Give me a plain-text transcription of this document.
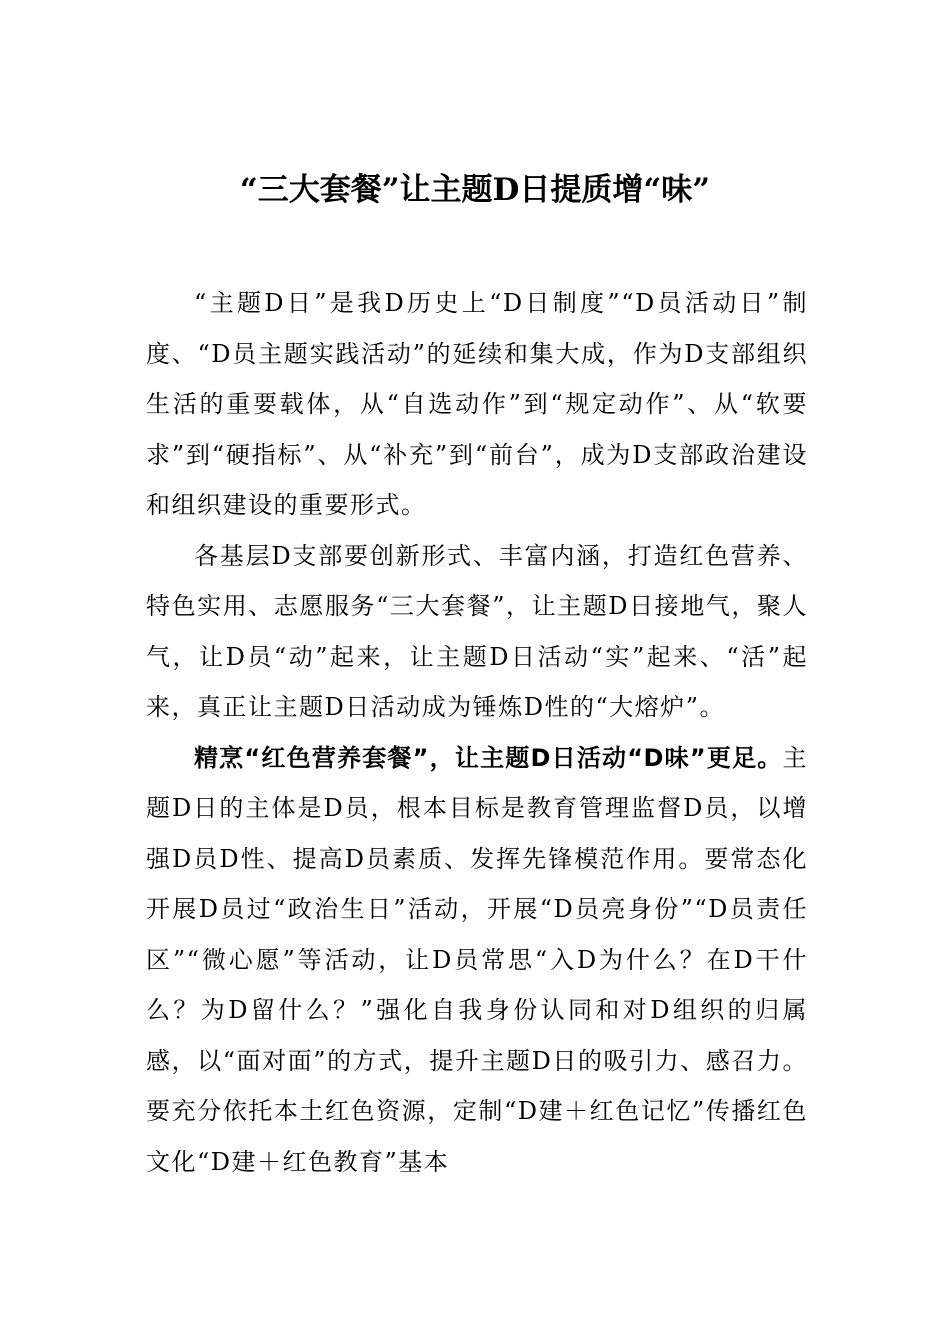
“三大套餐”让主题D日提质增“味”

“主题D日”是我D历史上“D日制度”“D员活动日”制度、“D员主题实践活动”的延续和集大成，作为D支部组织生活的重要载体，从“自选动作”到“规定动作”、从“软要求”到“硬指标”、从“补充”到“前台”，成为D支部政治建设和组织建设的重要形式。

各基层D支部要创新形式、丰富内涵，打造红色营养、特色实用、志愿服务“三大套餐”，让主题D日接地气，聚人气，让D员“动”起来，让主题D日活动“实”起来、“活”起来，真正让主题D日活动成为锤炼D性的“大熔炉”。

精烹“红色营养套餐”，让主题D日活动“D味”更足。主题D日的主体是D员，根本目标是教育管理监督D员，以增强D员D性、提高D员素质、发挥先锋模范作用。要常态化开展D员过“政治生日”活动，开展“D员亮身份”“D员责任区”“微心愿”等活动，让D员常思“入D为什么？在D干什么？为D留什么？”强化自我身份认同和对D组织的归属感，以“面对面”的方式，提升主题D日的吸引力、感召力。要充分依托本土红色资源，定制“D建＋红色记忆”传播红色文化“D建＋红色教育”基本
